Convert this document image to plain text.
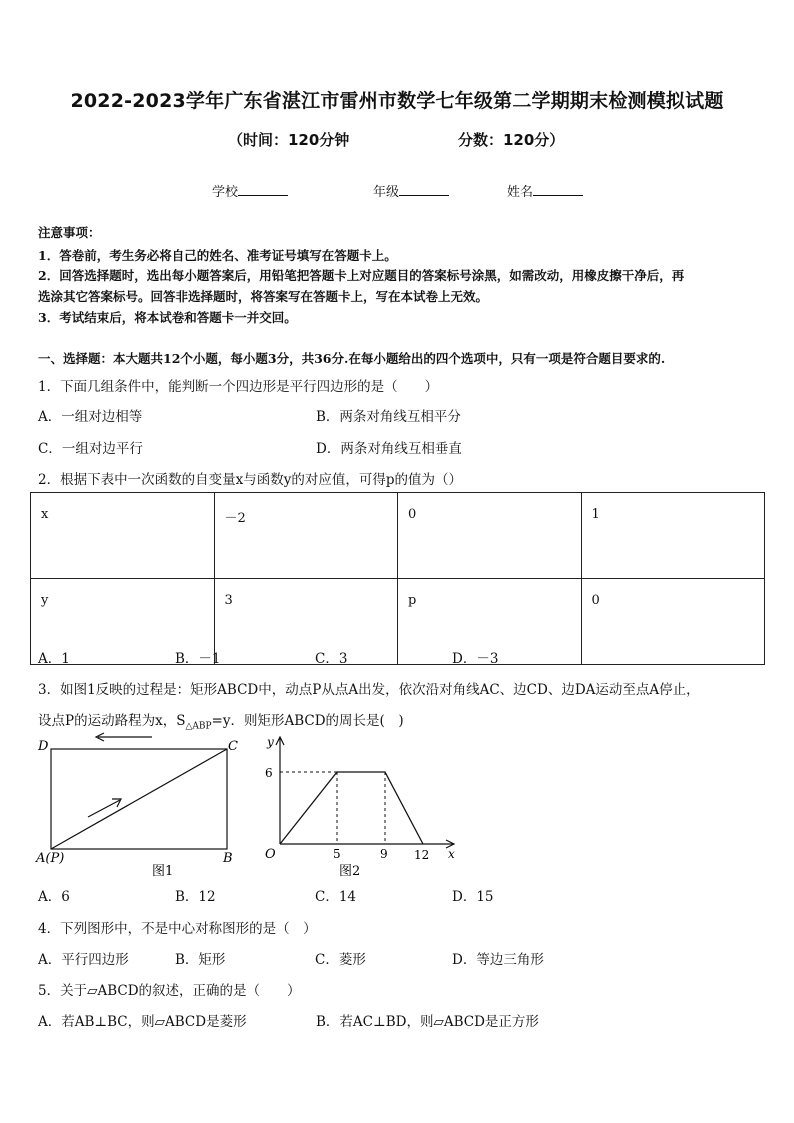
2022-2023学年广东省湛江市雷州市数学七年级第二学期期末检测模拟试题
（时间：120分钟	分数：120分）
学校	年级	姓名
注意事项：
1．答卷前，考生务必将自己的姓名、准考证号填写在答题卡上。
2．回答选择题时，选出每小题答案后，用铅笔把答题卡上对应题目的答案标号涂黑，如需改动，用橡皮擦干净后，再
选涂其它答案标号。回答非选择题时，将答案写在答题卡上，写在本试卷上无效。
3．考试结束后，将本试卷和答题卡一并交回。
一、选择题：本大题共12个小题，每小题3分，共36分.在每小题给出的四个选项中，只有一项是符合题目要求的.
1．下面几组条件中，能判断一个四边形是平行四边形的是（　　）
A．一组对边相等	B．两条对角线互相平分
C．一组对边平行	D．两条对角线互相垂直
2．根据下表中一次函数的自变量x与函数y的对应值，可得p的值为（）
x	－2	0	1
y	3	p	0
A．1	B．－1	C．3	D．－3
3．如图1反映的过程是：矩形ABCD中，动点P从点A出发，依次沿对角线AC、边CD、边DA运动至点A停止，
设点P的运动路程为x，$S_{\triangle ABP}=y$．则矩形ABCD的周长是(　)
D	C
A(P)	B
图1
y
x
O
6
5	9 12
图2
A．6	B．12	C．14	D．15
4．下列图形中，不是中心对称图形的是（　）
A．平行四边形	B．矩形	C．菱形	D．等边三角形
5．关于▱ABCD的叙述，正确的是（　　）
A．若AB⊥BC，则▱ABCD是菱形	B．若AC⊥BD，则▱ABCD是正方形
